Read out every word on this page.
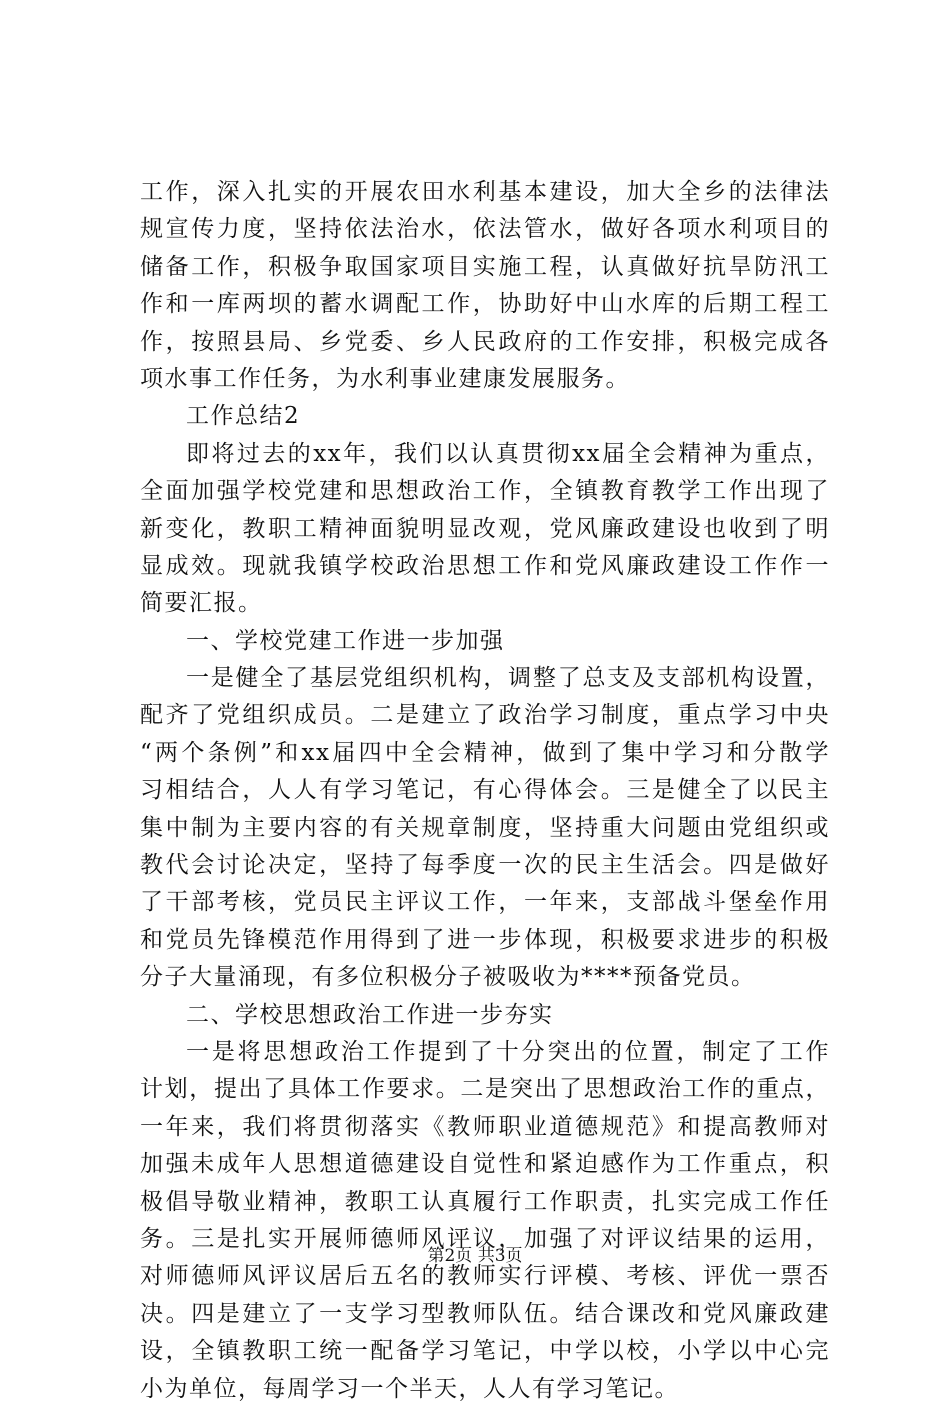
工作，深入扎实的开展农田水利基本建设，加大全乡的法律法
规宣传力度，坚持依法治水，依法管水，做好各项水利项目的
储备工作，积极争取国家项目实施工程，认真做好抗旱防汛工
作和一库两坝的蓄水调配工作，协助好中山水库的后期工程工
作，按照县局、乡党委、乡人民政府的工作安排，积极完成各
项水事工作任务，为水利事业建康发展服务。
工作总结2
即将过去的xx年，我们以认真贯彻xx届全会精神为重点，
全面加强学校党建和思想政治工作，全镇教育教学工作出现了
新变化，教职工精神面貌明显改观，党风廉政建设也收到了明
显成效。现就我镇学校政治思想工作和党风廉政建设工作作一
简要汇报。
一、学校党建工作进一步加强
一是健全了基层党组织机构，调整了总支及支部机构设置，
配齐了党组织成员。二是建立了政治学习制度，重点学习中央
“两个条例”和xx届四中全会精神，做到了集中学习和分散学
习相结合，人人有学习笔记，有心得体会。三是健全了以民主
集中制为主要内容的有关规章制度，坚持重大问题由党组织或
教代会讨论决定，坚持了每季度一次的民主生活会。四是做好
了干部考核，党员民主评议工作，一年来，支部战斗堡垒作用
和党员先锋模范作用得到了进一步体现，积极要求进步的积极
分子大量涌现，有多位积极分子被吸收为****预备党员。
二、学校思想政治工作进一步夯实
一是将思想政治工作提到了十分突出的位置，制定了工作
计划，提出了具体工作要求。二是突出了思想政治工作的重点，
一年来，我们将贯彻落实《教师职业道德规范》和提高教师对
加强未成年人思想道德建设自觉性和紧迫感作为工作重点，积
极倡导敬业精神，教职工认真履行工作职责，扎实完成工作任
务。三是扎实开展师德师风评议，加强了对评议结果的运用，
对师德师风评议居后五名的教师实行评模、考核、评优一票否
决。四是建立了一支学习型教师队伍。结合课改和党风廉政建
设，全镇教职工统一配备学习笔记，中学以校，小学以中心完
小为单位，每周学习一个半天，人人有学习笔记。
第2页 共3页
